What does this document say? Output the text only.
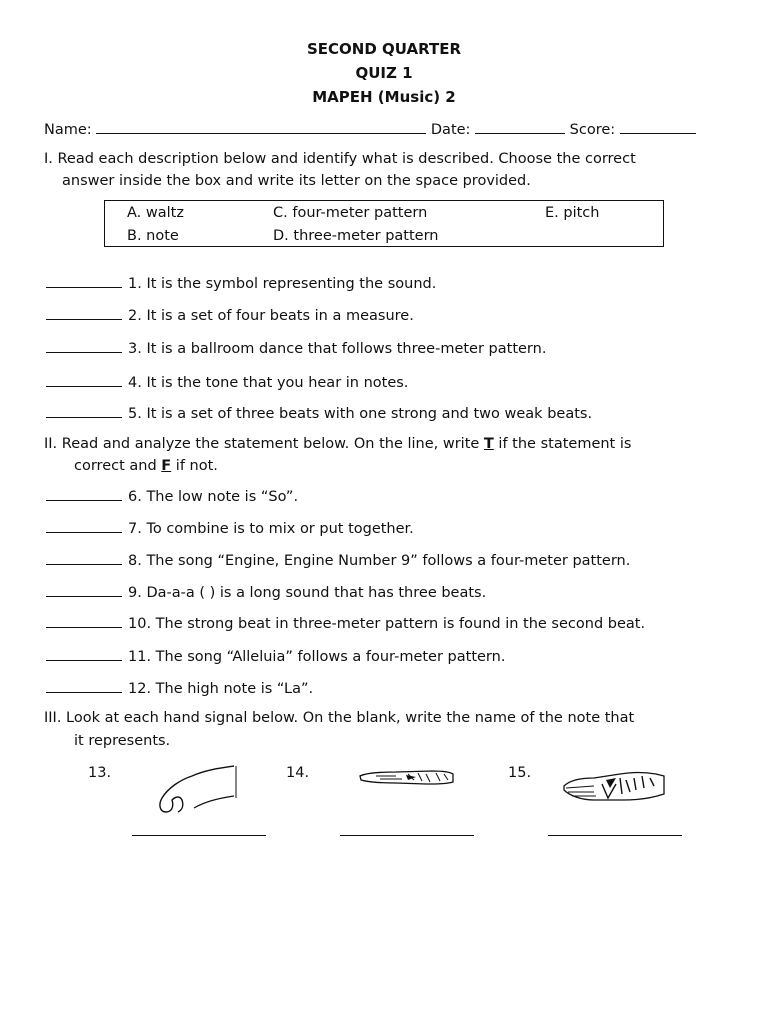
SECOND QUARTER
QUIZ 1
MAPEH (Music) 2
Name:	Date:	Score:
I. Read each description below and identify what is described. Choose the correct
answer inside the box and write its letter on the space provided.
A. waltz	C. four-meter pattern	E. pitch
B. note	D. three-meter pattern
1. It is the symbol representing the sound.
2. It is a set of four beats in a measure.
3. It is a ballroom dance that follows three-meter pattern.
4. It is the tone that you hear in notes.
5. It is a set of three beats with one strong and two weak beats.
II. Read and analyze the statement below. On the line, write T if the statement is
correct and F if not.
6. The low note is “So”.
7. To combine is to mix or put together.
8. The song “Engine, Engine Number 9” follows a four-meter pattern.
9. Da-a-a ( ) is a long sound that has three beats.
10. The strong beat in three-meter pattern is found in the second beat.
11. The song “Alleluia” follows a four-meter pattern.
12. The high note is “La”.
III. Look at each hand signal below. On the blank, write the name of the note that
it represents.
13.	14.	15.
